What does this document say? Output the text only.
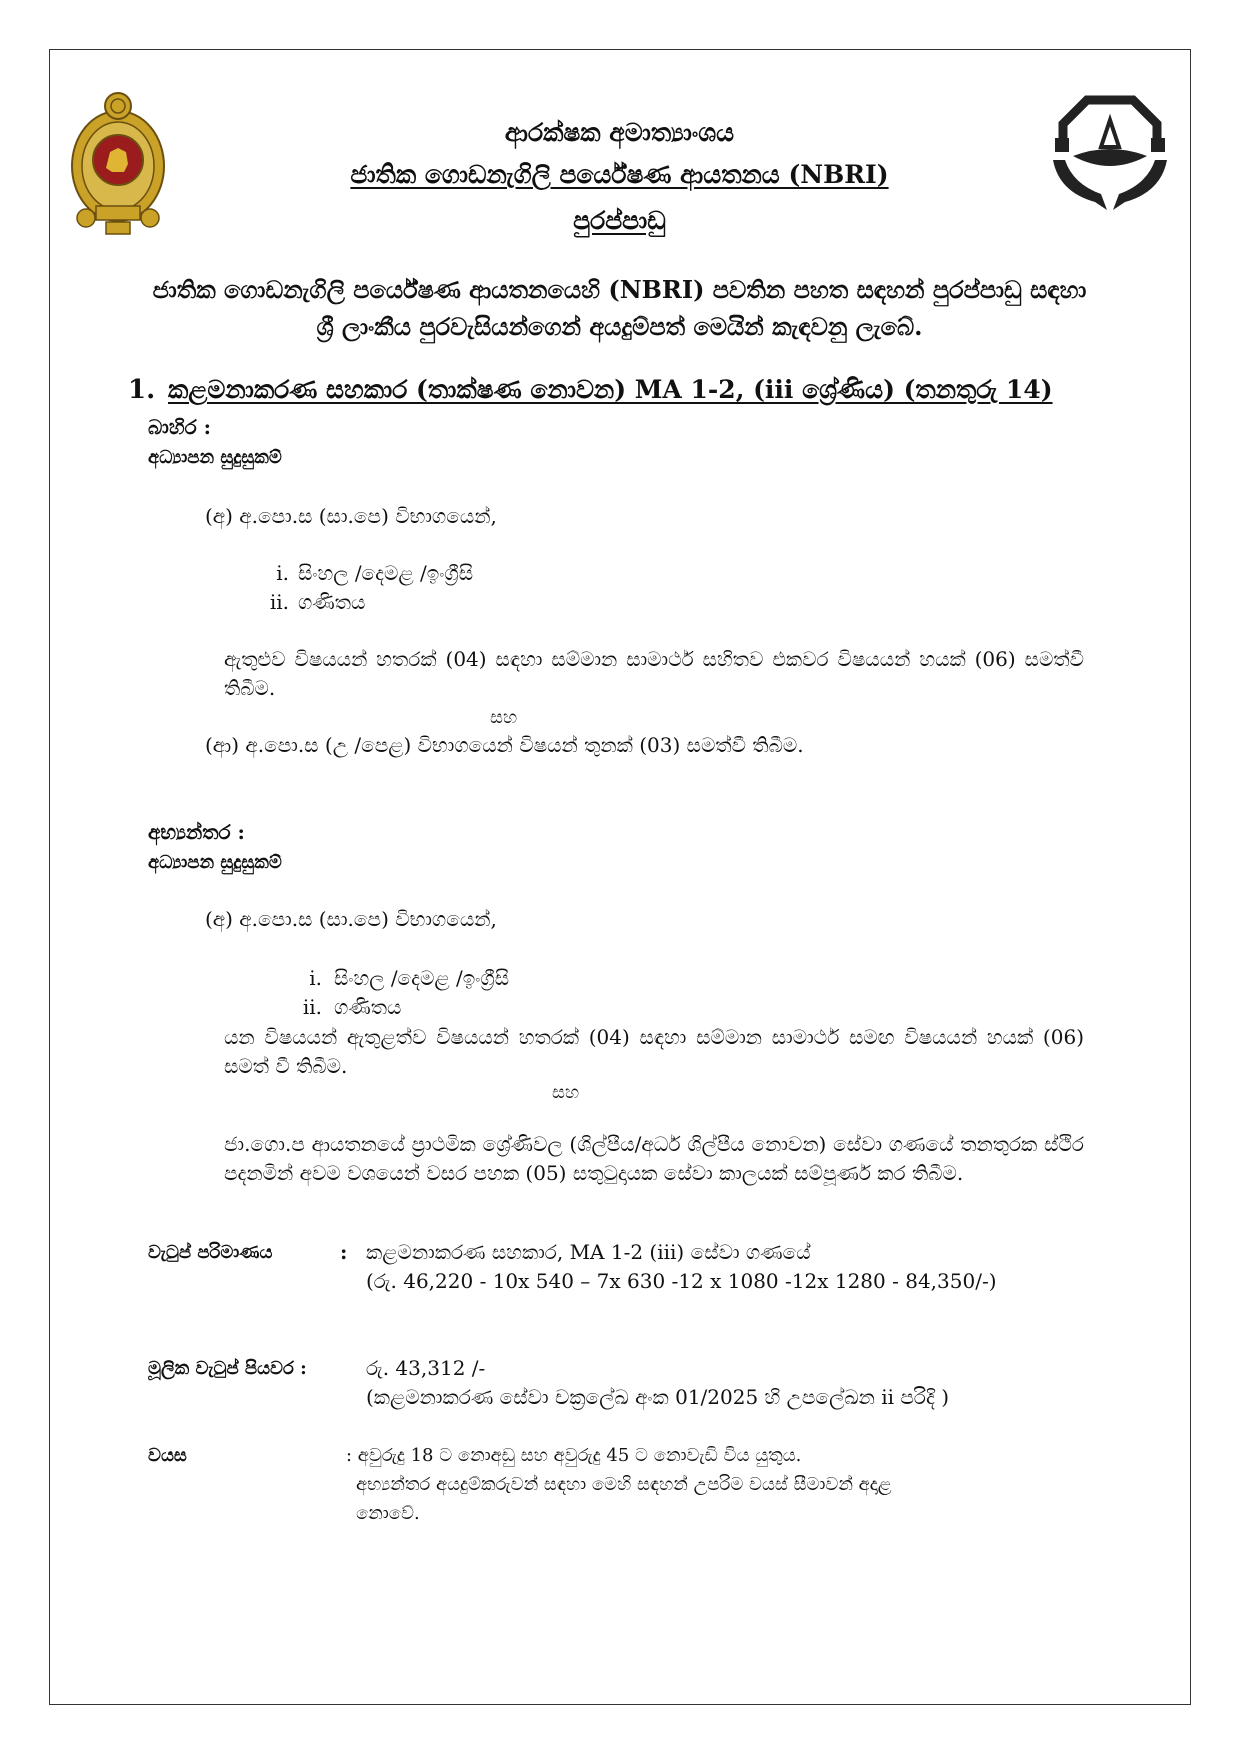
ආරක්ෂක අමාත්‍යාංශය
ජාතික ගොඩනැගිලි පර්යේෂණ ආයතනය (NBRI)
පුරප්පාඩු
ජාතික ගොඩනැගිලි පර්යේෂණ ආයතනයෙහි (NBRI) පවතින පහත සඳහන් පුරප්පාඩු සඳහා
ශ්‍රී ලාංකීය පුරවැසියන්ගෙන් අයදුම්පත් මෙයින් කැඳවනු ලැබේ.
1. කළමනාකරණ සහකාර (තාක්ෂණ නොවන) MA 1-2, (iii ශ්‍රේණිය) (තනතුරු 14)
බාහිර :
අධ්‍යාපන සුදුසුකම්
(අ) අ.පො.ස (සා.පෙ) විභාගයෙන්,
i. සිංහල /දෙමළ /ඉංග්‍රීසි
ii. ගණිතය
ඇතුළුව විෂයයන් හතරක් (04) සඳහා සම්මාන සාමාර්ථ සහිතව එකවර විෂයයන් හයක් (06) සමත්වී තිබීම.
සහ
(ආ) අ.පො.ස (උ /පෙළ) විභාගයෙන් විෂයන් තුනක් (03) සමත්වී තිබීම.
අභ්‍යන්තර :
අධ්‍යාපන සුදුසුකම්
(අ) අ.පො.ස (සා.පෙ) විභාගයෙන්,
i. සිංහල /දෙමළ /ඉංග්‍රීසි
ii. ගණිතය
යන විෂයයන් ඇතුළත්ව විෂයයන් හතරක් (04) සඳහා සම්මාන සාමාර්ථ සමඟ විෂයයන් හයක් (06) සමත් වී තිබීම.
සහ
ජා.ගො.ප ආයතනයේ ප්‍රාථමික ශ්‍රේණිවල (ශිල්පීය/අර්ධ ශිල්පීය නොවන) සේවා ගණයේ තනතුරක ස්ථිර පදනමින් අවම වශයෙන් වසර පහක (05) සතුටුදායක සේවා කාලයක් සම්පූර්ණ කර තිබීම.
වැටුප් පරිමාණය	: කළමනාකරණ සහකාර, MA 1-2 (iii) සේවා ගණයේ
(රු. 46,220 - 10x 540 – 7x 630 -12 x 1080 -12x 1280 - 84,350/-)
මූලික වැටුප් පියවර :	රු. 43,312 /-
(කළමනාකරණ සේවා චක්‍රලේඛ අංක 01/2025 හි උපලේඛන ii පරිදි )
වයස	: අවුරුදු 18 ට නොඅඩු සහ අවුරුදු 45 ට නොවැඩි විය යුතුය.
අභ්‍යන්තර අයදුම්කරුවන් සඳහා මෙහි සඳහන් උපරිම වයස් සීමාවන් අදාළ
නොවේ.
